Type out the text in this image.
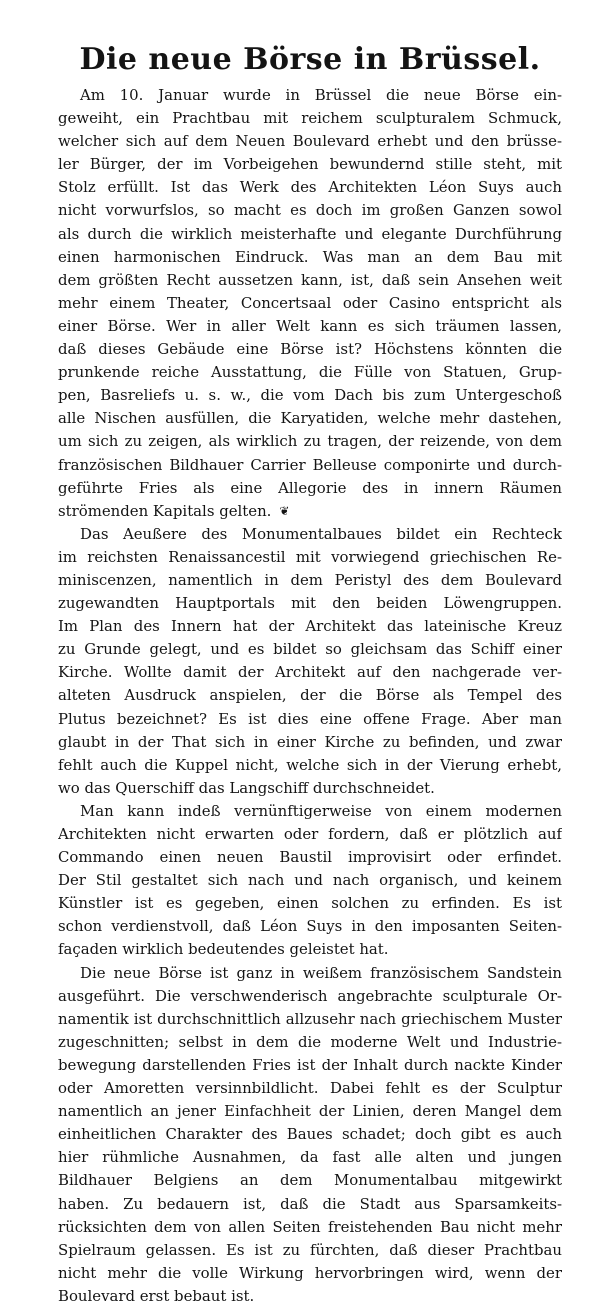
Die neue Börse in Brüssel.
Am 10. Januar wurde in Brüssel die neue Börse ein-
geweiht, ein Prachtbau mit reichem sculpturalem Schmuck,
welcher sich auf dem Neuen Boulevard erhebt und den brüsse-
ler Bürger, der im Vorbeigehen bewundernd stille steht, mit
Stolz erfüllt. Ist das Werk des Architekten Léon Suys auch
nicht vorwurfslos, so macht es doch im großen Ganzen sowol
als durch die wirklich meisterhafte und elegante Durchführung
einen harmonischen Eindruck. Was man an dem Bau mit
dem größten Recht aussetzen kann, ist, daß sein Ansehen weit
mehr einem Theater, Concertsaal oder Casino entspricht als
einer Börse. Wer in aller Welt kann es sich träumen lassen,
daß dieses Gebäude eine Börse ist? Höchstens könnten die
prunkende reiche Ausstattung, die Fülle von Statuen, Grup-
pen, Basreliefs u. s. w., die vom Dach bis zum Untergeschoß
alle Nischen ausfüllen, die Karyatiden, welche mehr dastehen,
um sich zu zeigen, als wirklich zu tragen, der reizende, von dem
französischen Bildhauer Carrier Belleuse componirte und durch-
geführte Fries als eine Allegorie des in innern Räumen
strömenden Kapitals gelten. ❦
Das Aeußere des Monumentalbaues bildet ein Rechteck
im reichsten Renaissancestil mit vorwiegend griechischen Re-
miniscenzen, namentlich in dem Peristyl des dem Boulevard
zugewandten Hauptportals mit den beiden Löwengruppen.
Im Plan des Innern hat der Architekt das lateinische Kreuz
zu Grunde gelegt, und es bildet so gleichsam das Schiff einer
Kirche. Wollte damit der Architekt auf den nachgerade ver-
alteten Ausdruck anspielen, der die Börse als Tempel des
Plutus bezeichnet? Es ist dies eine offene Frage. Aber man
glaubt in der That sich in einer Kirche zu befinden, und zwar
fehlt auch die Kuppel nicht, welche sich in der Vierung erhebt,
wo das Querschiff das Langschiff durchschneidet.
Man kann indeß vernünftigerweise von einem modernen
Architekten nicht erwarten oder fordern, daß er plötzlich auf
Commando einen neuen Baustil improvisirt oder erfindet.
Der Stil gestaltet sich nach und nach organisch, und keinem
Künstler ist es gegeben, einen solchen zu erfinden. Es ist
schon verdienstvoll, daß Léon Suys in den imposanten Seiten-
façaden wirklich bedeutendes geleistet hat.
Die neue Börse ist ganz in weißem französischem Sandstein
ausgeführt. Die verschwenderisch angebrachte sculpturale Or-
namentik ist durchschnittlich allzusehr nach griechischem Muster
zugeschnitten; selbst in dem die moderne Welt und Industrie-
bewegung darstellenden Fries ist der Inhalt durch nackte Kinder
oder Amoretten versinnbildlicht. Dabei fehlt es der Sculptur
namentlich an jener Einfachheit der Linien, deren Mangel dem
einheitlichen Charakter des Baues schadet; doch gibt es auch
hier rühmliche Ausnahmen, da fast alle alten und jungen
Bildhauer Belgiens an dem Monumentalbau mitgewirkt
haben. Zu bedauern ist, daß die Stadt aus Sparsamkeits-
rücksichten dem von allen Seiten freistehenden Bau nicht mehr
Spielraum gelassen. Es ist zu fürchten, daß dieser Prachtbau
nicht mehr die volle Wirkung hervorbringen wird, wenn der
Boulevard erst bebaut ist.
